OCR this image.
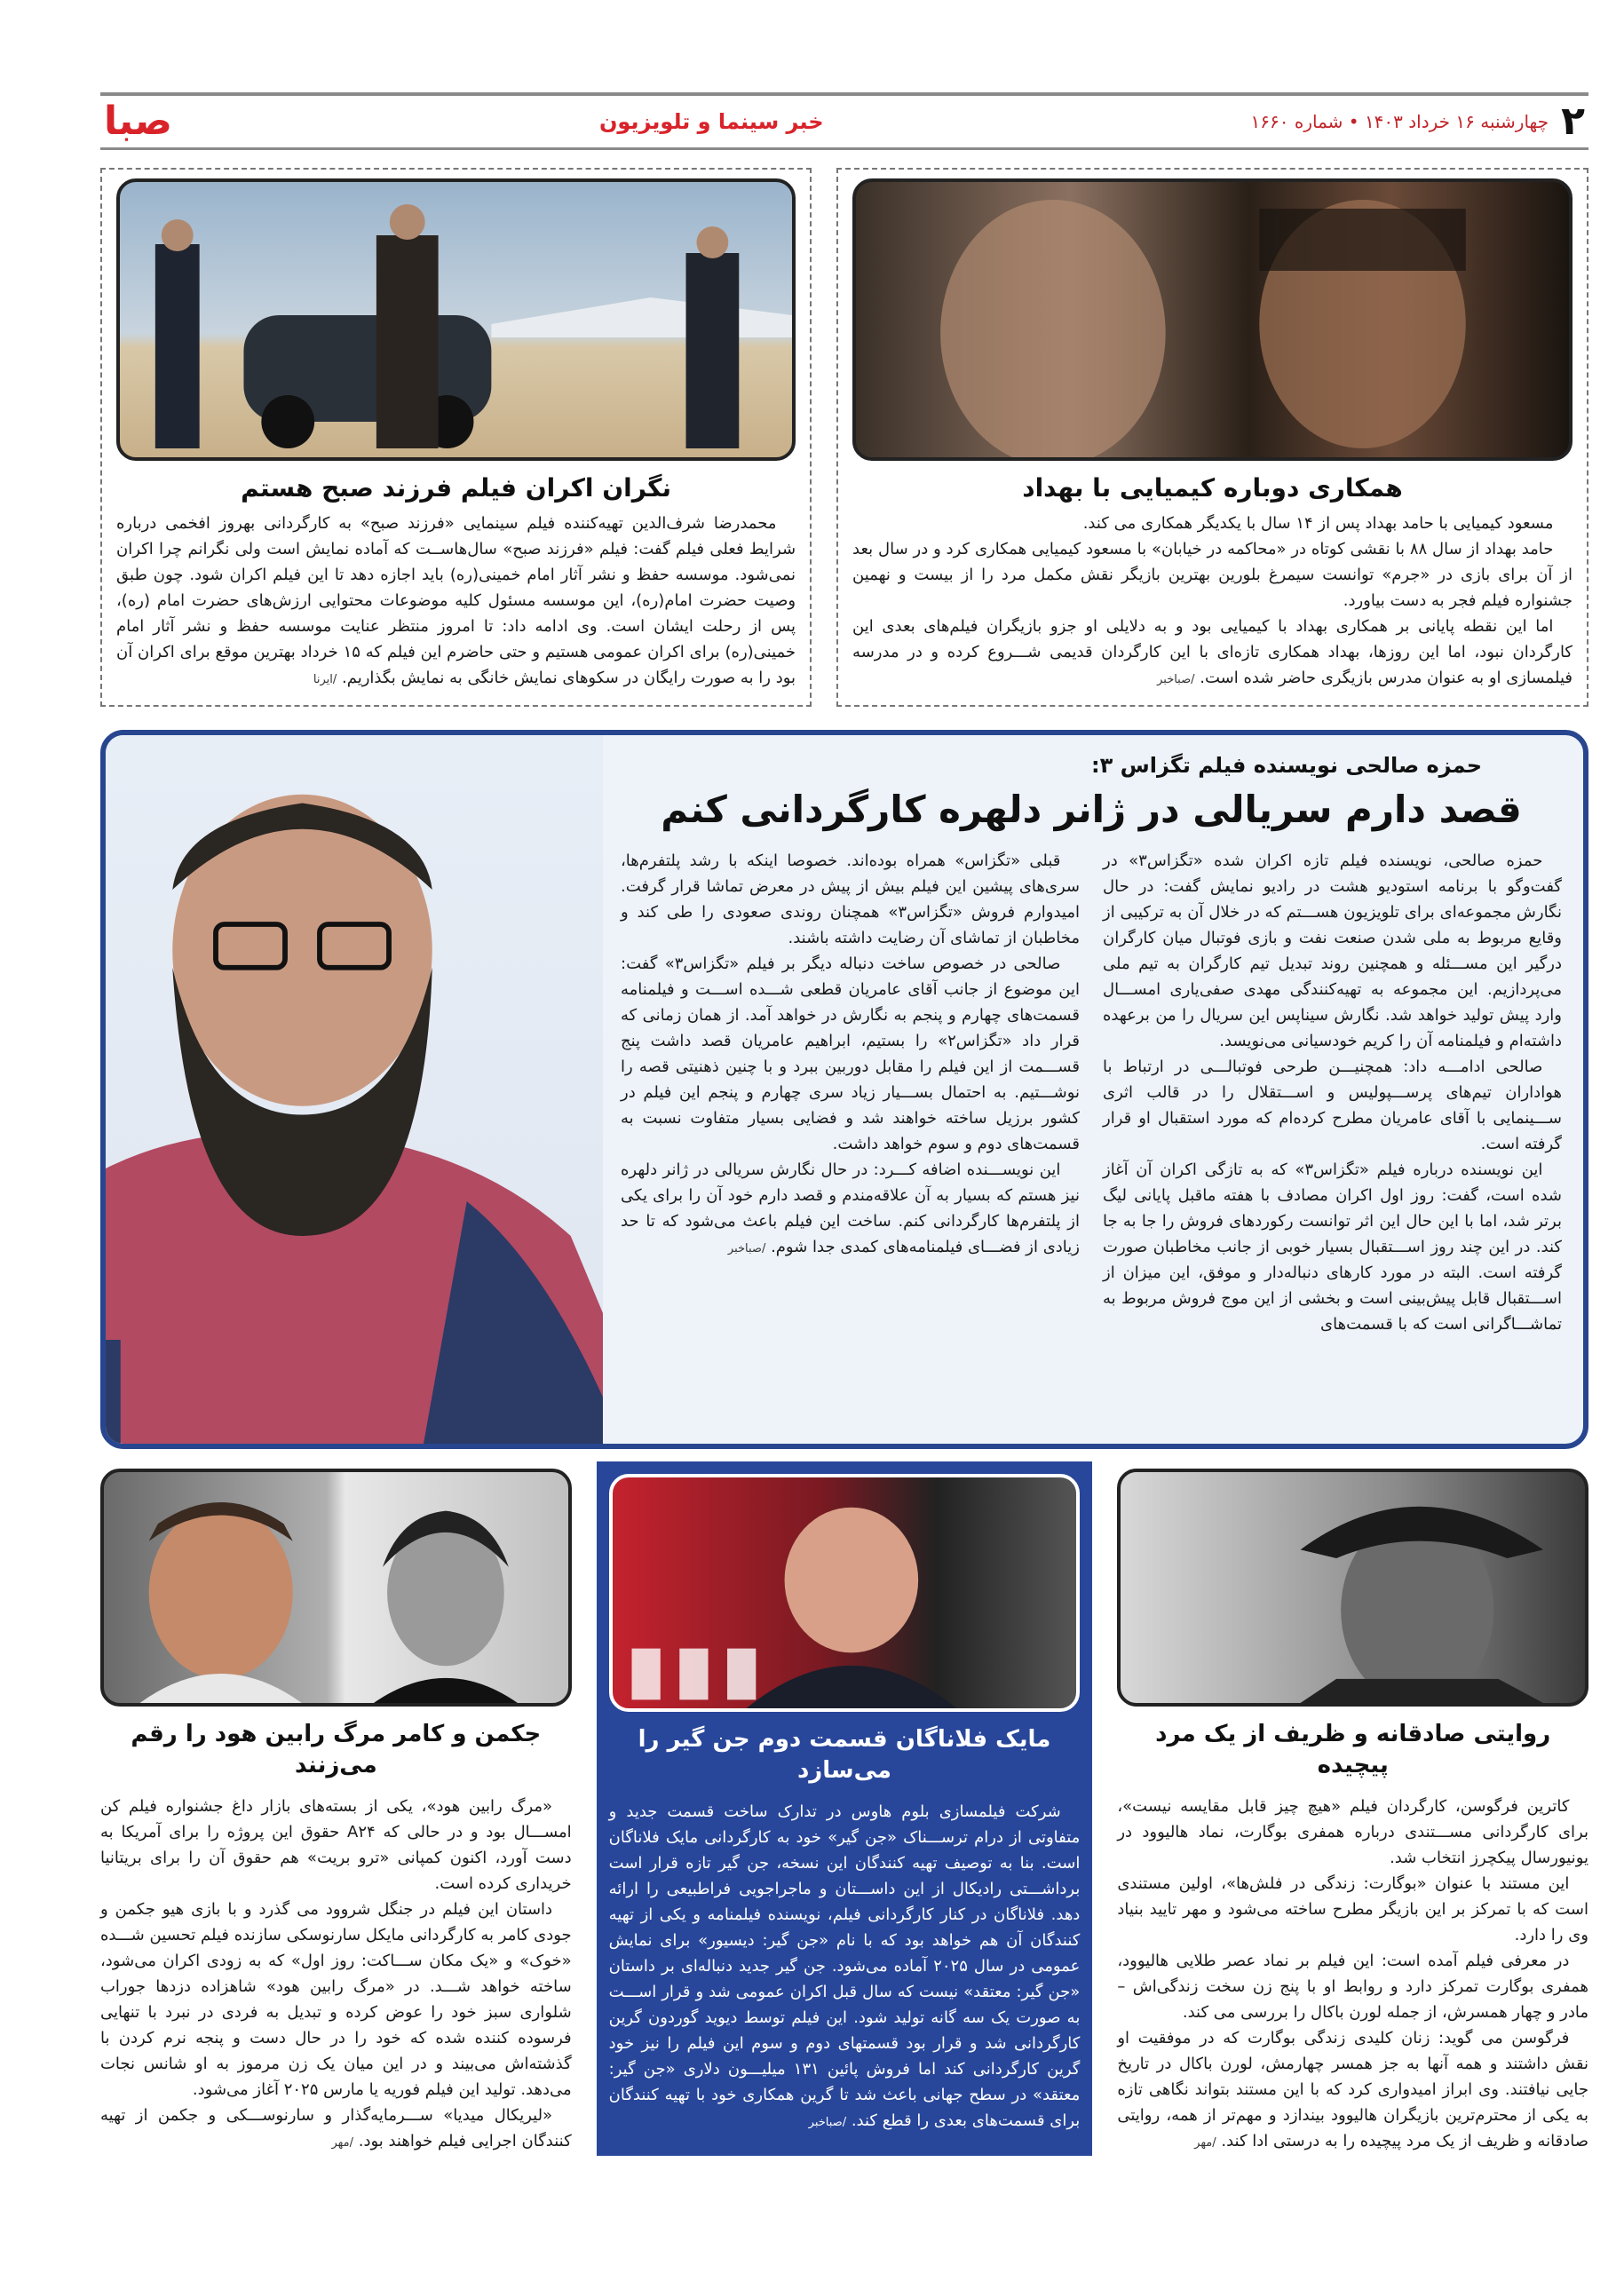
صبا	خبر سینما و تلویزیون	۲
چهارشنبه ۱۶ خرداد ۱۴۰۳ • شماره ۱۶۶۰
همکاری دوباره کیمیایی با بهداد

مسعود کیمیایی با حامد بهداد پس از ۱۴ سال با یکدیگر همکاری می کند.

حامد بهداد از سال ۸۸ با نقشی کوتاه در «محاکمه در خیابان» با مسعود کیمیایی همکاری کرد و در سال بعد از آن برای بازی در «جرم» توانست سیمرغ بلورین بهترین بازیگر نقش مکمل مرد را از بیست و نهمین جشنواره فیلم فجر به دست بیاورد.

اما این نقطه پایانی بر همکاری بهداد با کیمیایی بود و به دلایلی او جزو بازیگران فیلم‌های بعدی این کارگردان نبود، اما این روزها، بهداد همکاری تازه‌ای با این کارگردان قدیمی شـــروع کرده و در مدرسه فیلمسازی او به عنوان مدرس بازیگری حاضر شده است. /صباخبر

نگران اکران فیلم فرزند صبح هستم

محمدرضا شرف‌الدین تهیه‌کننده فیلم سینمایی «فرزند صبح» به کارگردانی بهروز افخمی درباره شرایط فعلی فیلم گفت: فیلم «فرزند صبح» سال‌هاســت که آماده نمایش است ولی نگرانم چرا اکران نمی‌شود. موسسه حفظ و نشر آثار امام خمینی(ره) باید اجازه دهد تا این فیلم اکران شود. چون طبق وصیت حضرت امام(ره)، این موسسه مسئول کلیه موضوعات محتوایی ارزش‌های حضرت امام (ره)، پس از رحلت ایشان است. وی ادامه داد: تا امروز منتظر عنایت موسسه حفظ و نشر آثار امام خمینی(ره) برای اکران عمومی هستیم و حتی حاضرم این فیلم که ۱۵ خرداد بهترین موقع برای اکران آن بود را به صورت رایگان در سکوهای نمایش خانگی به نمایش بگذاریم. /ایرنا

حمزه صالحی نویسنده فیلم تگزاس ۳:
قصد دارم سریالی در ژانر دلهره کارگردانی کنم

حمزه صالحی، نویسنده فیلم تازه اکران شده «تگزاس۳» در گفت‌وگو با برنامه استودیو هشت در رادیو نمایش گفت: در حال نگارش مجموعه‌ای برای تلویزیون هســـتم که در خلال آن به ترکیبی از وقایع مربوط به ملی شدن صنعت نفت و بازی فوتبال میان کارگران درگیر این مســـئله و همچنین روند تبدیل تیم کارگران به تیم ملی می‌پردازیم. این مجموعه به تهیه‌کنندگی مهدی صفی‌یاری امســـال وارد پیش تولید خواهد شد. نگارش سیناپس این سریال را من برعهده داشته‌ام و فیلمنامه آن را کریم خودسیانی می‌نویسد.

صالحی ادامـــه داد: همچنیـــن طرحی فوتبالـــی در ارتباط با هواداران تیم‌های پرســـپولیس و اســـتقلال را در قالب اثری ســـینمایی با آقای عامریان مطرح کرده‌ام که مورد استقبال او قرار گرفته است.

این نویسنده درباره فیلم «تگزاس۳» که به تازگی اکران آن آغاز شده است، گفت: روز اول اکران مصادف با هفته ماقبل پایانی لیگ برتر شد، اما با این حال این اثر توانست رکوردهای فروش را جا به جا کند. در این چند روز اســـتقبال بسیار خوبی از جانب مخاطبان صورت گرفته است. البته در مورد کارهای دنباله‌دار و موفق، این میزان از اســـتقبال قابل پیش‌بینی است و بخشی از این موج فروش مربوط به تماشـــاگرانی است که با قسمت‌های

قبلی «تگزاس» همراه بوده‌اند. خصوصا اینکه با رشد پلتفرم‌ها، سری‌های پیشین این فیلم بیش از پیش در معرض تماشا قرار گرفت. امیدوارم فروش «تگزاس۳» همچنان روندی صعودی را طی کند و مخاطبان از تماشای آن رضایت داشته باشند.

صالحی در خصوص ساخت دنباله دیگر بر فیلم «تگزاس۳» گفت: این موضوع از جانب آقای عامریان قطعی شـــده اســـت و فیلمنامه قسمت‌های چهارم و پنجم به نگارش در خواهد آمد. از همان زمانی که قرار داد «تگزاس۲» را بستیم، ابراهیم عامریان قصد داشت پنج قســـمت از این فیلم را مقابل دوربین ببرد و با چنین ذهنیتی قصه را نوشـــتیم. به احتمال بســـیار زیاد سری چهارم و پنجم این فیلم در کشور برزیل ساخته خواهند شد و فضایی بسیار متفاوت نسبت به قسمت‌های دوم و سوم خواهد داشت.

این نویســـنده اضافه کـــرد: در حال نگارش سریالی در ژانر دلهره نیز هستم که بسیار به آن علاقه‌مندم و قصد دارم خود آن را برای یکی از پلتفرم‌ها کارگردانی کنم. ساخت این فیلم باعث می‌شود که تا حد زیادی از فضـــای فیلمنامه‌های کمدی جدا شوم. /صباخبر

روایتی صادقانه و ظریف از یک مرد پیچیده

کاترین فرگوسن، کارگردان فیلم «هیچ چیز قابل مقایسه نیست»، برای کارگردانی مســـتندی درباره همفری بوگارت، نماد هالیوود در یونیورسال پیکچرز انتخاب شد.

این مستند با عنوان «بوگارت: زندگی در فلش‌ها»، اولین مستندی است که با تمرکز بر این بازیگر مطرح ساخته می‌شود و مهر تایید بنیاد وی را دارد.

در معرفی فیلم آمده است: این فیلم بر نماد عصر طلایی هالیوود، همفری بوگارت تمرکز دارد و روابط او با پنج زن سخت زندگی‌اش – مادر و چهار همسرش، از جمله لورن باکال را بررسی می کند.

فرگوسن می گوید: زنان کلیدی زندگی بوگارت که در موفقیت او نقش داشتند و همه آنها به جز همسر چهارمش، لورن باکال در تاریخ جایی نیافتند. وی ابراز امیدواری کرد که با این مستند بتواند نگاهی تازه به یکی از محترم‌ترین بازیگران هالیوود بیندازد و مهم‌تر از همه، روایتی صادقانه و ظریف از یک مرد پیچیده را به درستی ادا کند. /مهر

مایک فلاناگان قسمت دوم جن گیر را می‌سازد

شرکت فیلمسازی بلوم هاوس در تدارک ساخت قسمت جدید و متفاوتی از درام ترســـناک «جن گیر» خود به کارگردانی مایک فلاناگان است. بنا به توصیف تهیه کنندگان این نسخه، جن گیر تازه قرار است برداشـــتی رادیکال از این داســـتان و ماجراجویی فراطبیعی را ارائه دهد. فلاناگان در کنار کارگردانی فیلم، نویسنده فیلمنامه و یکی از تهیه کنندگان آن هم خواهد بود که با نام «جن گیر: دیسیور» برای نمایش عمومی در سال ۲۰۲۵ آماده می‌شود. جن گیر جدید دنباله‌ای بر داستان «جن گیر: معتقد» نیست که سال قبل اکران عمومی شد و قرار اســـت به صورت یک سه گانه تولید شود. این فیلم توسط دیوید گوردون گرین کارگردانی شد و قرار بود قسمتهای دوم و سوم این فیلم را نیز خود گرین کارگردانی کند اما فروش پائین ۱۳۱ میلیـــون دلاری «جن گیر: معتقد» در سطح جهانی باعث شد تا گرین همکاری خود با تهیه کنندگان برای قسمت‌های بعدی را قطع کند. /صباخبر

جکمن و کامر مرگ رابین هود را رقم می‌زنند

«مرگ رابین هود»، یکی از بسته‌های بازار داغ جشنواره فیلم کن امســـال بود و در حالی که A۲۴ حقوق این پروژه را برای آمریکا به دست آورد، اکنون کمپانی «ترو بریت» هم حقوق آن را برای بریتانیا خریداری کرده است.

داستان این فیلم در جنگل شروود می گذرد و با بازی هیو جکمن و جودی کامر به کارگردانی مایکل سارنوسکی سازنده فیلم تحسین شـــده «خوک» و «یک مکان ســـاکت: روز اول» که به زودی اکران می‌شود، ساخته خواهد شـــد. در «مرگ رابین هود» شاهزاده دزدها جوراب شلواری سبز خود را عوض کرده و تبدیل به فردی در نبرد با تنهایی فرسوده کننده شده که خود را در حال دست و پنجه نرم کردن با گذشته‌اش می‌بیند و در این میان یک زن مرموز به او شانس نجات می‌دهد. تولید این فیلم فوریه یا مارس ۲۰۲۵ آغاز می‌شود.

«لیریکال میدیا» ســـرمایه‌گذار و سارنوســـکی و جکمن از تهیه کنندگان اجرایی فیلم خواهند بود. /مهر
